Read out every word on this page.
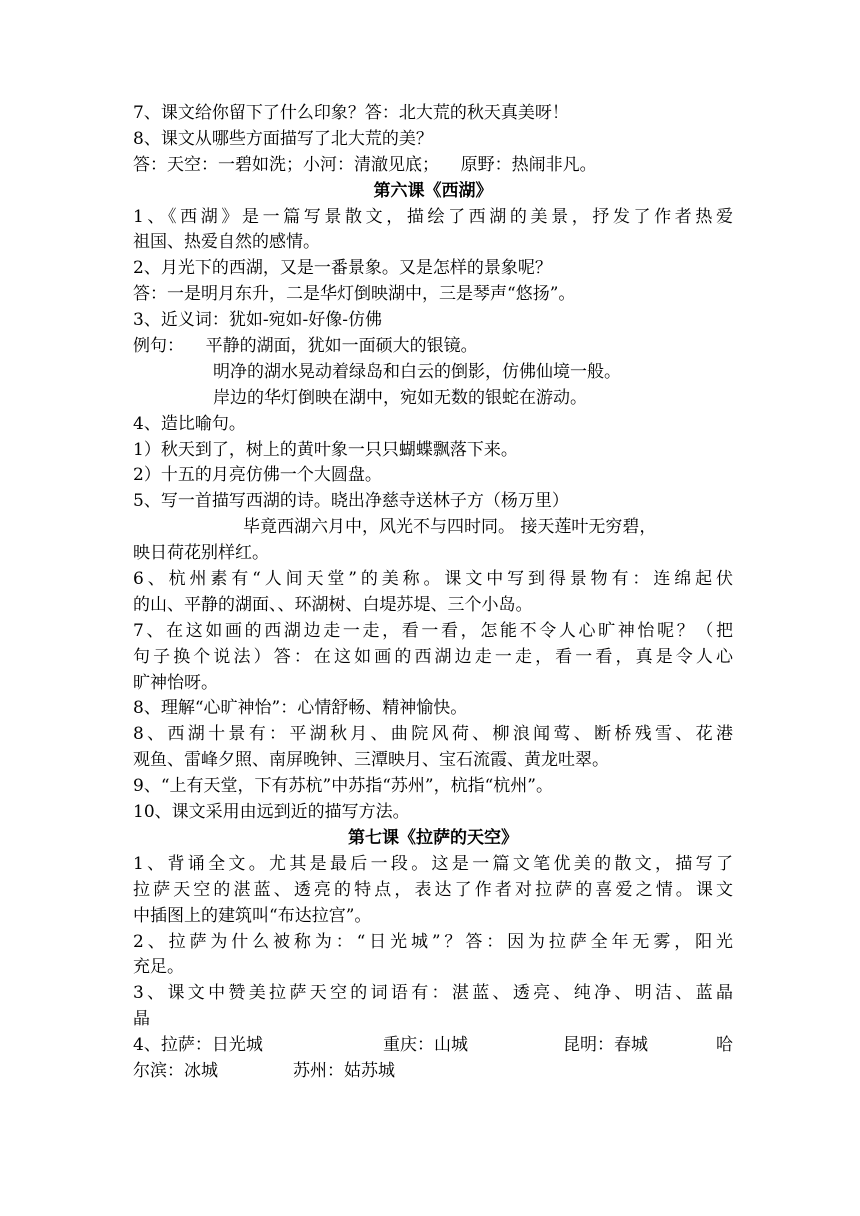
7、课文给你留下了什么印象？答：北大荒的秋天真美呀！
8、课文从哪些方面描写了北大荒的美？
答：天空：一碧如洗；小河：清澈见底；    原野：热闹非凡。
第六课《西湖》
1、《西湖》是一篇写景散文，描绘了西湖的美景，抒发了作者热爱
祖国、热爱自然的感情。
2、月光下的西湖，又是一番景象。又是怎样的景象呢？
答：一是明月东升，二是华灯倒映湖中，三是琴声“悠扬”。
3、近义词：犹如-宛如-好像-仿佛
例句：    平静的湖面，犹如一面硕大的银镜。
明净的湖水晃动着绿岛和白云的倒影，仿佛仙境一般。
岸边的华灯倒映在湖中，宛如无数的银蛇在游动。
4、造比喻句。
1）秋天到了，树上的黄叶象一只只蝴蝶飘落下来。
2）十五的月亮仿佛一个大圆盘。
5、写一首描写西湖的诗。晓出净慈寺送林子方（杨万里）
毕竟西湖六月中，风光不与四时同。 接天莲叶无穷碧，
映日荷花别样红。
6、杭州素有“人间天堂”的美称。课文中写到得景物有：连绵起伏
的山、平静的湖面、、环湖树、白堤苏堤、三个小岛。
7、在这如画的西湖边走一走，看一看，怎能不令人心旷神怡呢？（把
句子换个说法）答：在这如画的西湖边走一走，看一看，真是令人心
旷神怡呀。
8、理解“心旷神怡”：心情舒畅、精神愉快。
8、西湖十景有：平湖秋月、曲院风荷、柳浪闻莺、断桥残雪、花港
观鱼、雷峰夕照、南屏晚钟、三潭映月、宝石流霞、黄龙吐翠。
9、“上有天堂，下有苏杭”中苏指“苏州”，杭指“杭州”。
10、课文采用由远到近的描写方法。
第七课《拉萨的天空》
1、背诵全文。尤其是最后一段。这是一篇文笔优美的散文，描写了
拉萨天空的湛蓝、透亮的特点，表达了作者对拉萨的喜爱之情。课文
中插图上的建筑叫“布达拉宫”。
2、拉萨为什么被称为：“日光城”？答：因为拉萨全年无雾，阳光
充足。
3、课文中赞美拉萨天空的词语有：湛蓝、透亮、纯净、明洁、蓝晶
晶
4、拉萨：日光城	重庆：山城	昆明：春城	哈
尔滨：冰城	苏州：姑苏城
